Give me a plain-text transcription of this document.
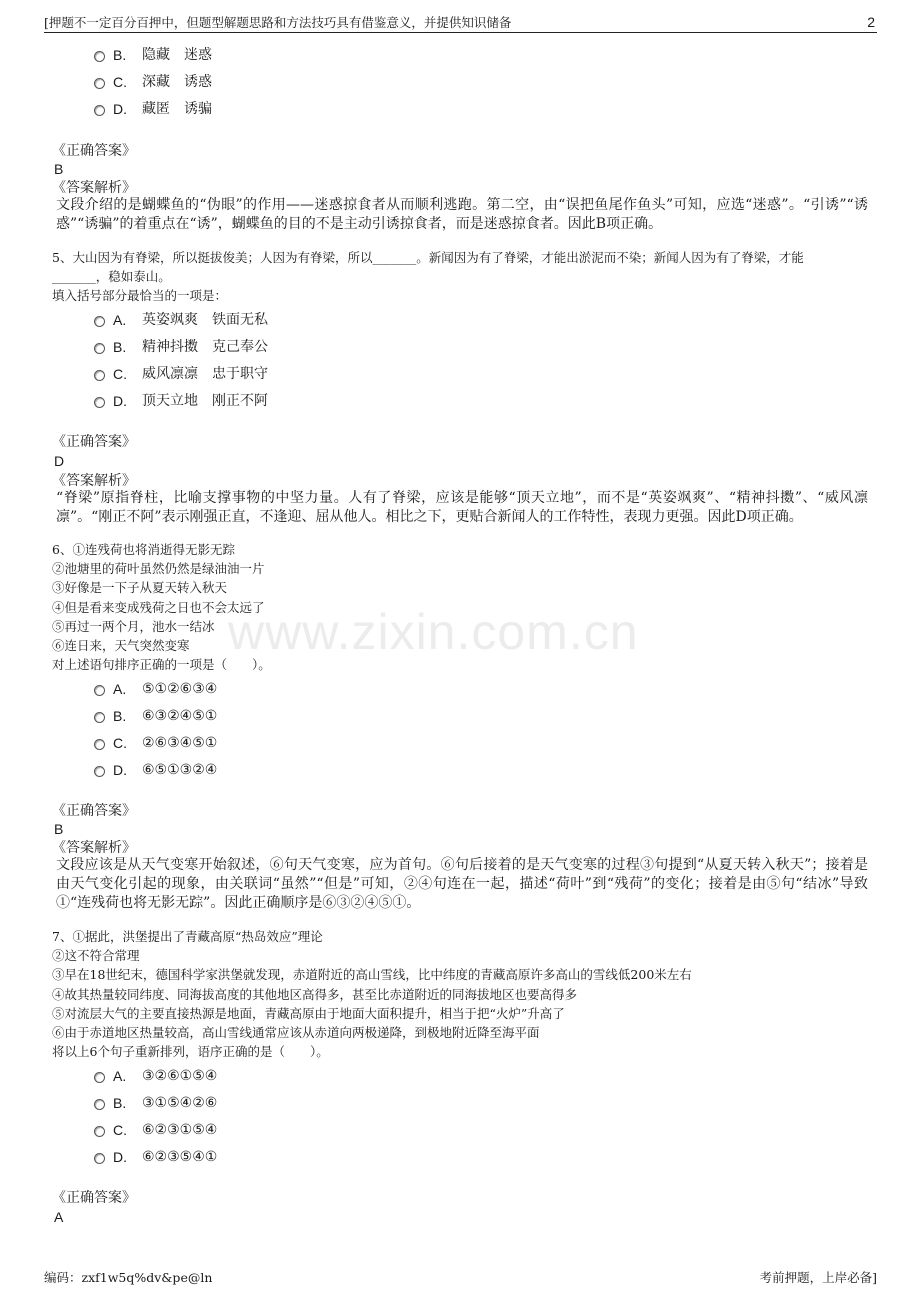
[押题不一定百分百押中，但题型解题思路和方法技巧具有借鉴意义，并提供知识储备	2
www.zixin.com.cn
B. 隐藏　迷惑
C. 深藏　诱惑
D. 藏匿　诱骗
《正确答案》
B
《答案解析》
文段介绍的是蝴蝶鱼的“伪眼”的作用——迷惑掠食者从而顺利逃跑。第二空，由“误把鱼尾作鱼头”可知，应选“迷惑”。“引诱”“诱惑”“诱骗”的着重点在“诱”，蝴蝶鱼的目的不是主动引诱掠食者，而是迷惑掠食者。因此B项正确。
5、大山因为有脊梁，所以挺拔俊美；人因为有脊梁，所以_______。新闻因为有了脊梁，才能出淤泥而不染；新闻人因为有了脊梁，才能
_______，稳如泰山。
填入括号部分最恰当的一项是：
A. 英姿飒爽　铁面无私
B. 精神抖擞　克己奉公
C. 威风凛凛　忠于职守
D. 顶天立地　刚正不阿
《正确答案》
D
《答案解析》
“脊梁”原指脊柱，比喻支撑事物的中坚力量。人有了脊梁，应该是能够“顶天立地”，而不是“英姿飒爽”、“精神抖擞”、“威风凛凛”。“刚正不阿”表示刚强正直，不逢迎、屈从他人。相比之下，更贴合新闻人的工作特性，表现力更强。因此D项正确。
6、①连残荷也将消逝得无影无踪
②池塘里的荷叶虽然仍然是绿油油一片
③好像是一下子从夏天转入秋天
④但是看来变成残荷之日也不会太远了
⑤再过一两个月，池水一结冰
⑥连日来，天气突然变寒
对上述语句排序正确的一项是（　　）。
A. ⑤①②⑥③④
B. ⑥③②④⑤①
C. ②⑥③④⑤①
D. ⑥⑤①③②④
《正确答案》
B
《答案解析》
文段应该是从天气变寒开始叙述，⑥句天气变寒，应为首句。⑥句后接着的是天气变寒的过程③句提到“从夏天转入秋天”；接着是由天气变化引起的现象，由关联词“虽然”“但是”可知，②④句连在一起，描述“荷叶”到“残荷”的变化；接着是由⑤句“结冰”导致①“连残荷也将无影无踪”。因此正确顺序是⑥③②④⑤①。
7、①据此，洪堡提出了青藏高原“热岛效应”理论
②这不符合常理
③早在18世纪末，德国科学家洪堡就发现，赤道附近的高山雪线，比中纬度的青藏高原许多高山的雪线低200米左右
④故其热量较同纬度、同海拔高度的其他地区高得多，甚至比赤道附近的同海拔地区也要高得多
⑤对流层大气的主要直接热源是地面，青藏高原由于地面大面积提升，相当于把“火炉”升高了
⑥由于赤道地区热量较高，高山雪线通常应该从赤道向两极递降，到极地附近降至海平面
将以上6个句子重新排列，语序正确的是（　　）。
A. ③②⑥①⑤④
B. ③①⑤④②⑥
C. ⑥②③①⑤④
D. ⑥②③⑤④①
《正确答案》
A
编码：zxf1w5q%dv&pe@ln	考前押题，上岸必备]
